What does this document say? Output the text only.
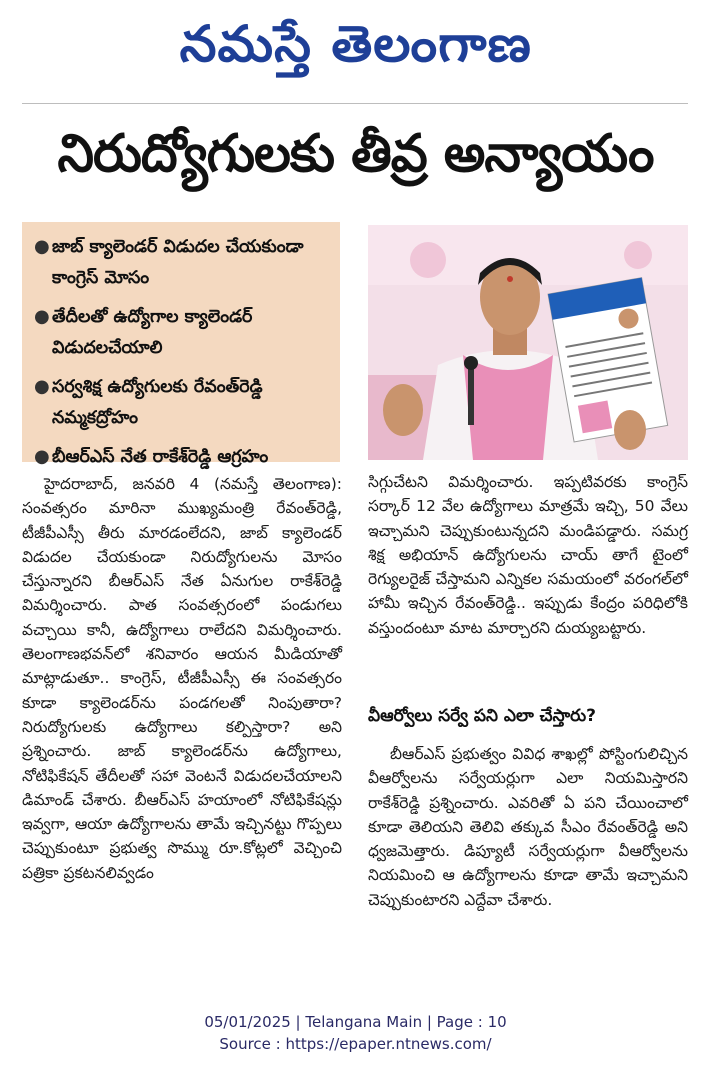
నమస్తే తెలంగాణ
నిరుద్యోగులకు తీవ్ర అన్యాయం
● జాబ్ క్యాలెండర్ విడుదల చేయకుండా కాంగ్రెస్ మోసం
● తేదీలతో ఉద్యోగాల క్యాలెండర్ విడుదలచేయాలి
● సర్వశిక్ష ఉద్యోగులకు రేవంత్‌రెడ్డి నమ్మకద్రోహం
● బీఆర్ఎస్ నేత రాకేశ్‌రెడ్డి ఆగ్రహం

హైదరాబాద్, జనవరి 4 (నమస్తే తెలంగాణ): సంవత్సరం మారినా ముఖ్యమంత్రి రేవంత్‌రెడ్డి, టీజీపీఎస్సీ తీరు మారడంలేదని, జాబ్ క్యాలెండర్ విడుదల చేయకుండా నిరుద్యోగులను మోసం చేస్తున్నారని బీఆర్ఎస్ నేత ఏనుగుల రాకేశ్‌రెడ్డి విమర్శించారు. పాత సంవత్సరంలో పండుగలు వచ్చాయి కానీ, ఉద్యోగాలు రాలేదని విమర్శించారు. తెలంగాణభవన్‌లో శనివారం ఆయన మీడియాతో మాట్లాడుతూ.. కాంగ్రెస్, టీజీపీఎస్సీ ఈ సంవత్సరం కూడా క్యాలెండర్‌ను పండగలతో నింపుతారా? నిరుద్యోగులకు ఉద్యోగాలు కల్పిస్తారా? అని ప్రశ్నించారు. జాబ్ క్యాలెండర్‌ను ఉద్యోగాలు, నోటిఫికేషన్ తేదీలతో సహా వెంటనే విడుదలచేయాలని డిమాండ్ చేశారు. బీఆర్ఎస్ హయాంలో నోటిఫికేషన్లు ఇవ్వగా, ఆయా ఉద్యోగాలను తామే ఇచ్చినట్టు గొప్పలు చెప్పుకుంటూ ప్రభుత్వ సొమ్ము రూ.కోట్లలో వెచ్చించి పత్రికా ప్రకటనలివ్వడం

సిగ్గుచేటని విమర్శించారు. ఇప్పటివరకు కాంగ్రెస్ సర్కార్ 12 వేల ఉద్యోగాలు మాత్రమే ఇచ్చి, 50 వేలు ఇచ్చామని చెప్పుకుంటున్నదని మండిపడ్డారు. సమగ్ర శిక్ష అభియాన్ ఉద్యోగులను చాయ్ తాగే టైంలో రెగ్యులరైజ్ చేస్తామని ఎన్నికల సమయంలో వరంగల్‌లో హామీ ఇచ్చిన రేవంత్‌రెడ్డి.. ఇప్పుడు కేంద్రం పరిధిలోకి వస్తుందంటూ మాట మార్చారని దుయ్యబట్టారు.

వీఆర్వోలు సర్వే పని ఎలా చేస్తారు?

బీఆర్ఎస్ ప్రభుత్వం వివిధ శాఖల్లో పోస్టింగులిచ్చిన వీఆర్వోలను సర్వేయర్లుగా ఎలా నియమిస్తారని రాకేశ్‌రెడ్డి ప్రశ్నించారు. ఎవరితో ఏ పని చేయించాలో కూడా తెలియని తెలివి తక్కువ సీఎం రేవంత్‌రెడ్డి అని ధ్వజమెత్తారు. డిప్యూటీ సర్వేయర్లుగా వీఆర్వోలను నియమించి ఆ ఉద్యోగాలను కూడా తామే ఇచ్చామని చెప్పుకుంటారని ఎద్దేవా చేశారు.

05/01/2025 | Telangana Main | Page : 10
Source : https://epaper.ntnews.com/
